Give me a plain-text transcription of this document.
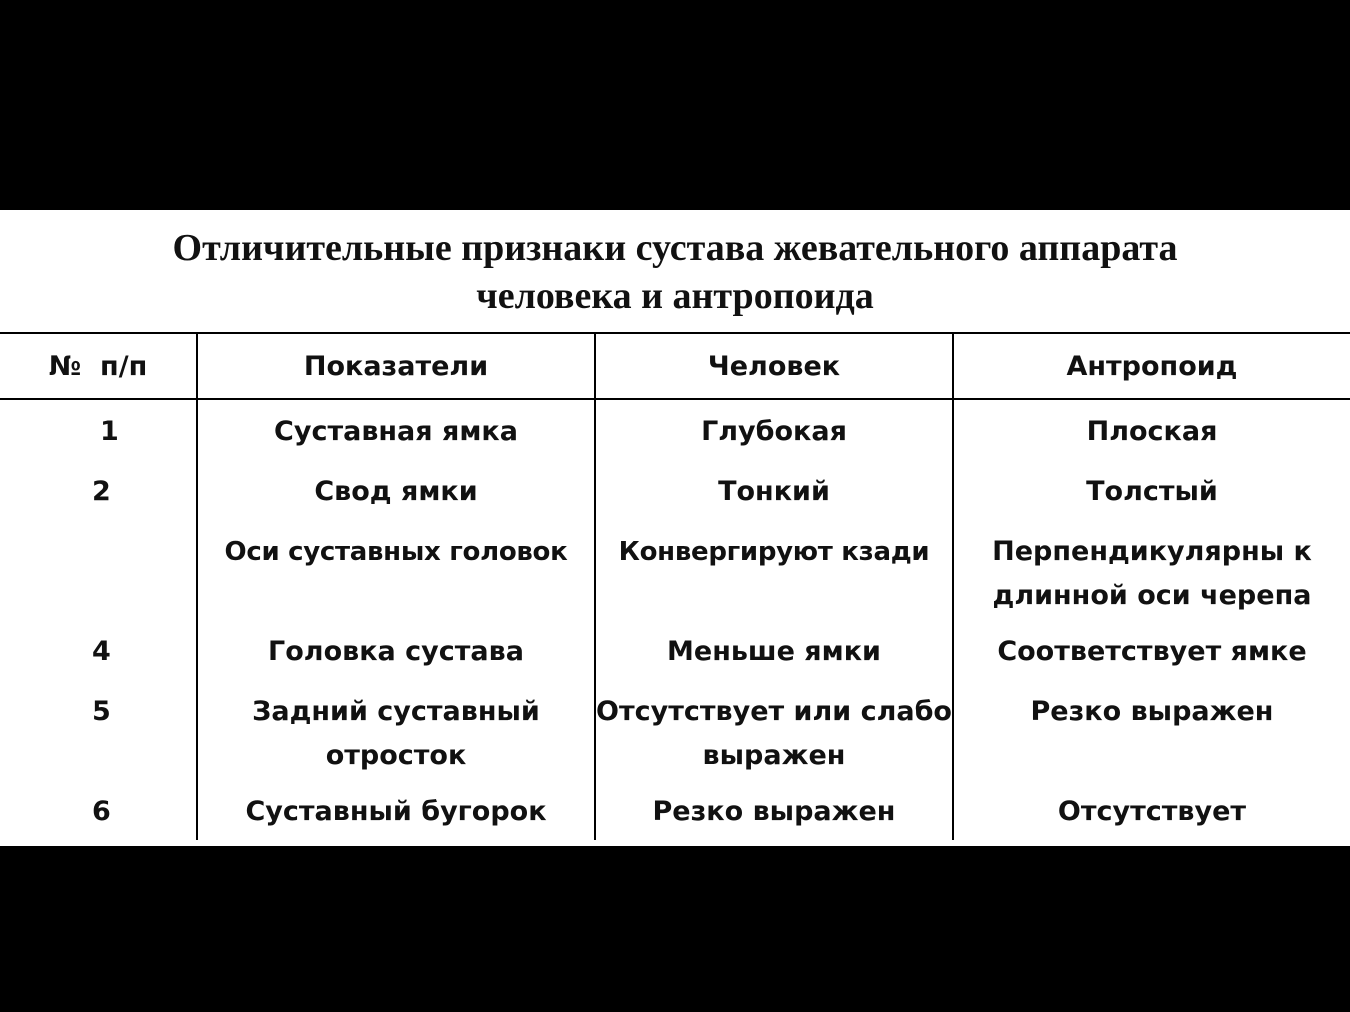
Отличительные признаки сустава жевательного аппарата
человека и антропоида
№  п/п	Показатели	Человек	Антропоид
1	Суставная ямка	Глубокая	Плоская
2	Свод ямки	Тонкий	Толстый
	Оси суставных головок	Конвергируют кзади	Перпендикулярны к длинной оси черепа
4	Головка сустава	Меньше ямки	Соответствует ямке
5	Задний суставный отросток	Отсутствует или слабо выражен	Резко выражен
6	Суставный бугорок	Резко выражен	Отсутствует
